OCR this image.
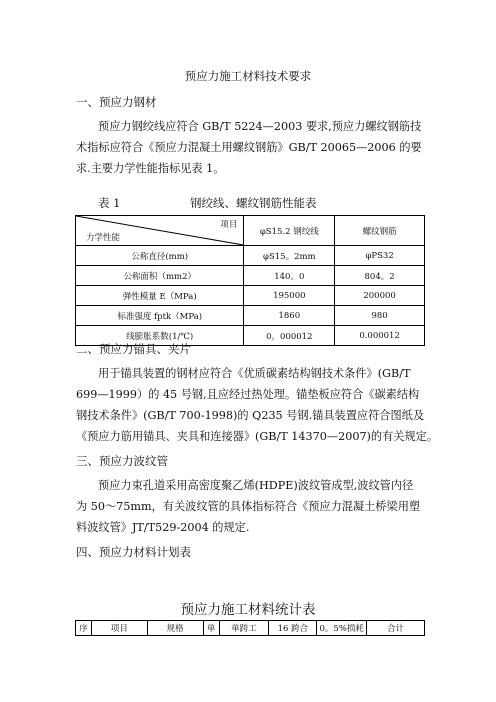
预应力施工材料技术要求
一、预应力钢材
预应力钢绞线应符合 GB/T 5224—2003 要求,预应力螺纹钢筋技
术指标应符合《预应力混凝土用螺纹钢筋》GB/T 20065—2006 的要
求.主要力学性能指标见表 1。
表 1	钢绞线、螺纹钢筋性能表
项目
力学性能	φS15.2 钢绞线	螺纹钢筋
公称直径(mm)	φS15。2mm	φPS32
公称面积（mm2）	140。0	804。2
弹性模量 E（MPa)	195000	200000
标准强度 fptk（MPa)	1860	980
线膨胀系数(1/℃)	0。000012	0.000012
二、预应力锚具、夹片
用于锚具装置的钢材应符合《优质碳素结构钢技术条件》(GB/T
699—1999）的 45 号钢,且应经过热处理。锚垫板应符合《碳素结构
钢技术条件》(GB/T 700-1998)的 Q235 号钢.锚具装置应符合图纸及
《预应力筋用锚具、夹具和连接器》(GB/T 14370—2007)的有关规定。
三、预应力波纹管
预应力束孔道采用高密度聚乙烯(HDPE)波纹管成型,波纹管内径
为 50～75mm，有关波纹管的具体指标符合《预应力混凝土桥梁用塑
料波纹管》JT/T529-2004 的规定.
四、预应力材料计划表
预应力施工材料统计表
序	项目	规格	单	单跨工	16 跨合	0。5%损耗	合计
